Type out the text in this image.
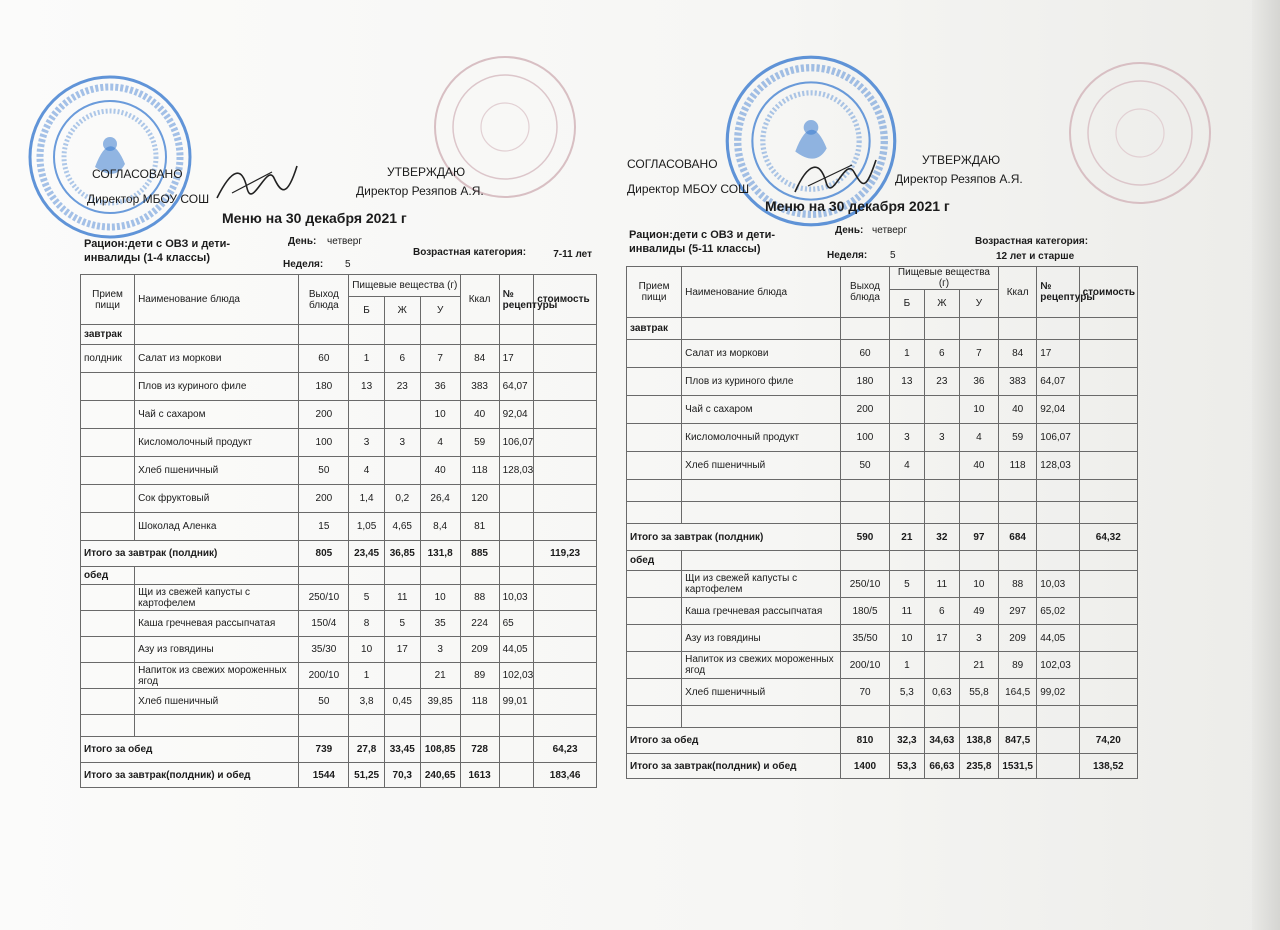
СОГЛАСОВАНО
Директор МБОУ СОШ
УТВЕРЖДАЮ
Директор Резяпов А.Я.
Меню на 30 декабря 2021 г
Рацион:дети с ОВЗ и дети-инвалиды (1-4 классы)
День: четверг
Неделя: 5
Возрастная категория:	7-11 лет
Прием пищи	Наименование блюда	Выход блюда	Пищевые вещества (г)			Ккал	№ рецептуры	стоимость
			Б	Ж	У			
завтрак								
полдник	Салат из моркови	60	1	6	7	84	17	
	Плов из куриного филе	180	13	23	36	383	64,07	
	Чай с сахаром	200			10	40	92,04	
	Кисломолочный продукт	100	3	3	4	59	106,07	
	Хлеб пшеничный	50	4		40	118	128,03	
	Сок фруктовый	200	1,4	0,2	26,4	120		
	Шоколад Аленка	15	1,05	4,65	8,4	81		
Итого за завтрак (полдник)		805	23,45	36,85	131,8	885		119,23
обед								
	Щи из свежей капусты с картофелем	250/10	5	11	10	88	10,03	
	Каша гречневая рассыпчатая	150/4	8	5	35	224	65	
	Азу из говядины	35/30	10	17	3	209	44,05	
	Напиток из свежих мороженных ягод	200/10	1		21	89	102,03	
	Хлеб пшеничный	50	3,8	0,45	39,85	118	99,01	

Итого за обед		739	27,8	33,45	108,85	728		64,23
Итого за завтрак(полдник) и обед		1544	51,25	70,3	240,65	1613		183,46
СОГЛАСОВАНО
Директор МБОУ СОШ
УТВЕРЖДАЮ
Директор Резяпов А.Я.
Меню на 30 декабря 2021 г
Рацион:дети с ОВЗ и дети-инвалиды (5-11 классы)
День: четверг
Неделя: 5
Возрастная категория:
12 лет и старше
Прием пищи	Наименование блюда	Выход блюда	Пищевые вещества (г)			Ккал	№ рецептуры	стоимость
			Б	Ж	У			
завтрак								
	Салат из моркови	60	1	6	7	84	17	
	Плов из куриного филе	180	13	23	36	383	64,07	
	Чай с сахаром	200			10	40	92,04	
	Кисломолочный продукт	100	3	3	4	59	106,07	
	Хлеб пшеничный	50	4		40	118	128,03	

Итого за завтрак (полдник)		590	21	32	97	684		64,32
обед								
	Щи из свежей капусты с картофелем	250/10	5	11	10	88	10,03	
	Каша гречневая рассыпчатая	180/5	11	6	49	297	65,02	
	Азу из говядины	35/50	10	17	3	209	44,05	
	Напиток из свежих мороженных ягод	200/10	1		21	89	102,03	
	Хлеб пшеничный	70	5,3	0,63	55,8	164,5	99,02	

Итого за обед		810	32,3	34,63	138,8	847,5		74,20
Итого за завтрак(полдник) и обед		1400	53,3	66,63	235,8	1531,5		138,52
